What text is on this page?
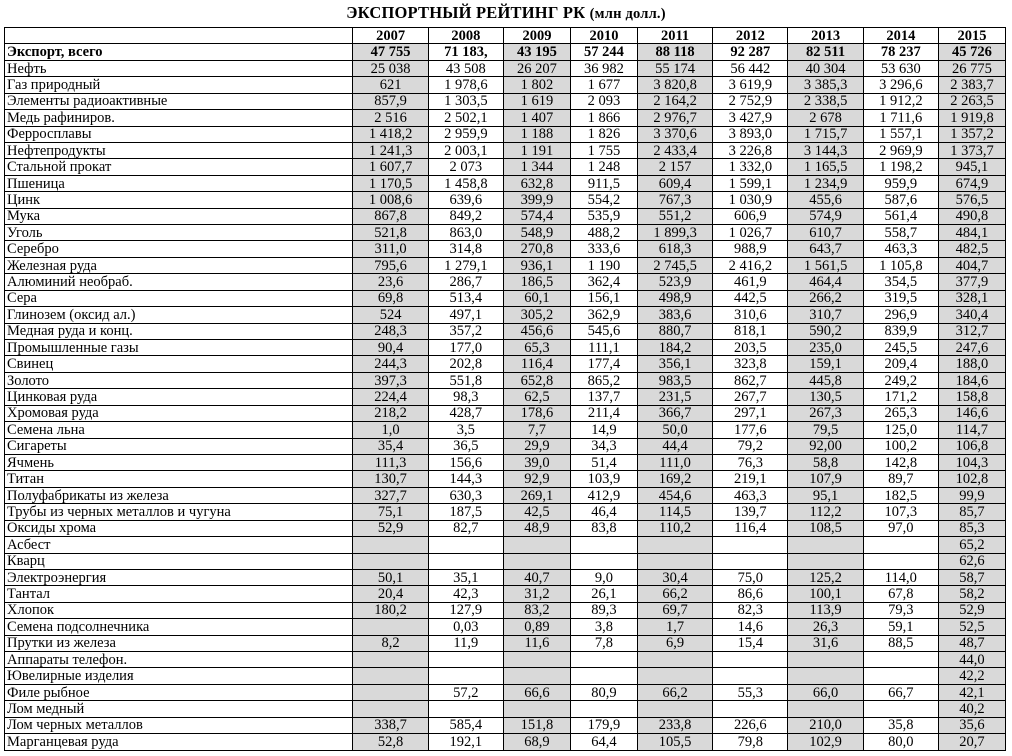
ЭКСПОРТНЫЙ РЕЙТИНГ РК (млн долл.)
	2007	2008	2009	2010	2011	2012	2013	2014	2015
Экспорт, всего	47 755	71 183,	43 195	57 244	88 118	92 287	82 511	78 237	45 726
Нефть	25 038	43 508	26 207	36 982	55 174	56 442	40 304	53 630	26 775
Газ природный	621	1 978,6	1 802	1 677	3 820,8	3 619,9	3 385,3	3 296,6	2 383,7
Элементы радиоактивные	857,9	1 303,5	1 619	2 093	2 164,2	2 752,9	2 338,5	1 912,2	2 263,5
Медь рафиниров.	2 516	2 502,1	1 407	1 866	2 976,7	3 427,9	2 678	1 711,6	1 919,8
Ферросплавы	1 418,2	2 959,9	1 188	1 826	3 370,6	3 893,0	1 715,7	1 557,1	1 357,2
Нефтепродукты	1 241,3	2 003,1	1 191	1 755	2 433,4	3 226,8	3 144,3	2 969,9	1 373,7
Стальной прокат	1 607,7	2 073	1 344	1 248	2 157	1 332,0	1 165,5	1 198,2	945,1
Пшеница	1 170,5	1 458,8	632,8	911,5	609,4	1 599,1	1 234,9	959,9	674,9
Цинк	1 008,6	639,6	399,9	554,2	767,3	1 030,9	455,6	587,6	576,5
Мука	867,8	849,2	574,4	535,9	551,2	606,9	574,9	561,4	490,8
Уголь	521,8	863,0	548,9	488,2	1 899,3	1 026,7	610,7	558,7	484,1
Серебро	311,0	314,8	270,8	333,6	618,3	988,9	643,7	463,3	482,5
Железная руда	795,6	1 279,1	936,1	1 190	2 745,5	2 416,2	1 561,5	1 105,8	404,7
Алюминий необраб.	23,6	286,7	186,5	362,4	523,9	461,9	464,4	354,5	377,9
Сера	69,8	513,4	60,1	156,1	498,9	442,5	266,2	319,5	328,1
Глинозем (оксид ал.)	524	497,1	305,2	362,9	383,6	310,6	310,7	296,9	340,4
Медная руда и конц.	248,3	357,2	456,6	545,6	880,7	818,1	590,2	839,9	312,7
Промышленные газы	90,4	177,0	65,3	111,1	184,2	203,5	235,0	245,5	247,6
Свинец	244,3	202,8	116,4	177,4	356,1	323,8	159,1	209,4	188,0
Золото	397,3	551,8	652,8	865,2	983,5	862,7	445,8	249,2	184,6
Цинковая руда	224,4	98,3	62,5	137,7	231,5	267,7	130,5	171,2	158,8
Хромовая руда	218,2	428,7	178,6	211,4	366,7	297,1	267,3	265,3	146,6
Семена льна	1,0	3,5	7,7	14,9	50,0	177,6	79,5	125,0	114,7
Сигареты	35,4	36,5	29,9	34,3	44,4	79,2	92,00	100,2	106,8
Ячмень	111,3	156,6	39,0	51,4	111,0	76,3	58,8	142,8	104,3
Титан	130,7	144,3	92,9	103,9	169,2	219,1	107,9	89,7	102,8
Полуфабрикаты из железа	327,7	630,3	269,1	412,9	454,6	463,3	95,1	182,5	99,9
Трубы из черных металлов и чугуна	75,1	187,5	42,5	46,4	114,5	139,7	112,2	107,3	85,7
Оксиды хрома	52,9	82,7	48,9	83,8	110,2	116,4	108,5	97,0	85,3
Асбест									65,2
Кварц									62,6
Электроэнергия	50,1	35,1	40,7	9,0	30,4	75,0	125,2	114,0	58,7
Тантал	20,4	42,3	31,2	26,1	66,2	86,6	100,1	67,8	58,2
Хлопок	180,2	127,9	83,2	89,3	69,7	82,3	113,9	79,3	52,9
Семена подсолнечника		0,03	0,89	3,8	1,7	14,6	26,3	59,1	52,5
Прутки из железа	8,2	11,9	11,6	7,8	6,9	15,4	31,6	88,5	48,7
Аппараты телефон.									44,0
Ювелирные изделия									42,2
Филе рыбное		57,2	66,6	80,9	66,2	55,3	66,0	66,7	42,1
Лом медный									40,2
Лом черных металлов	338,7	585,4	151,8	179,9	233,8	226,6	210,0	35,8	35,6
Марганцевая руда	52,8	192,1	68,9	64,4	105,5	79,8	102,9	80,0	20,7
